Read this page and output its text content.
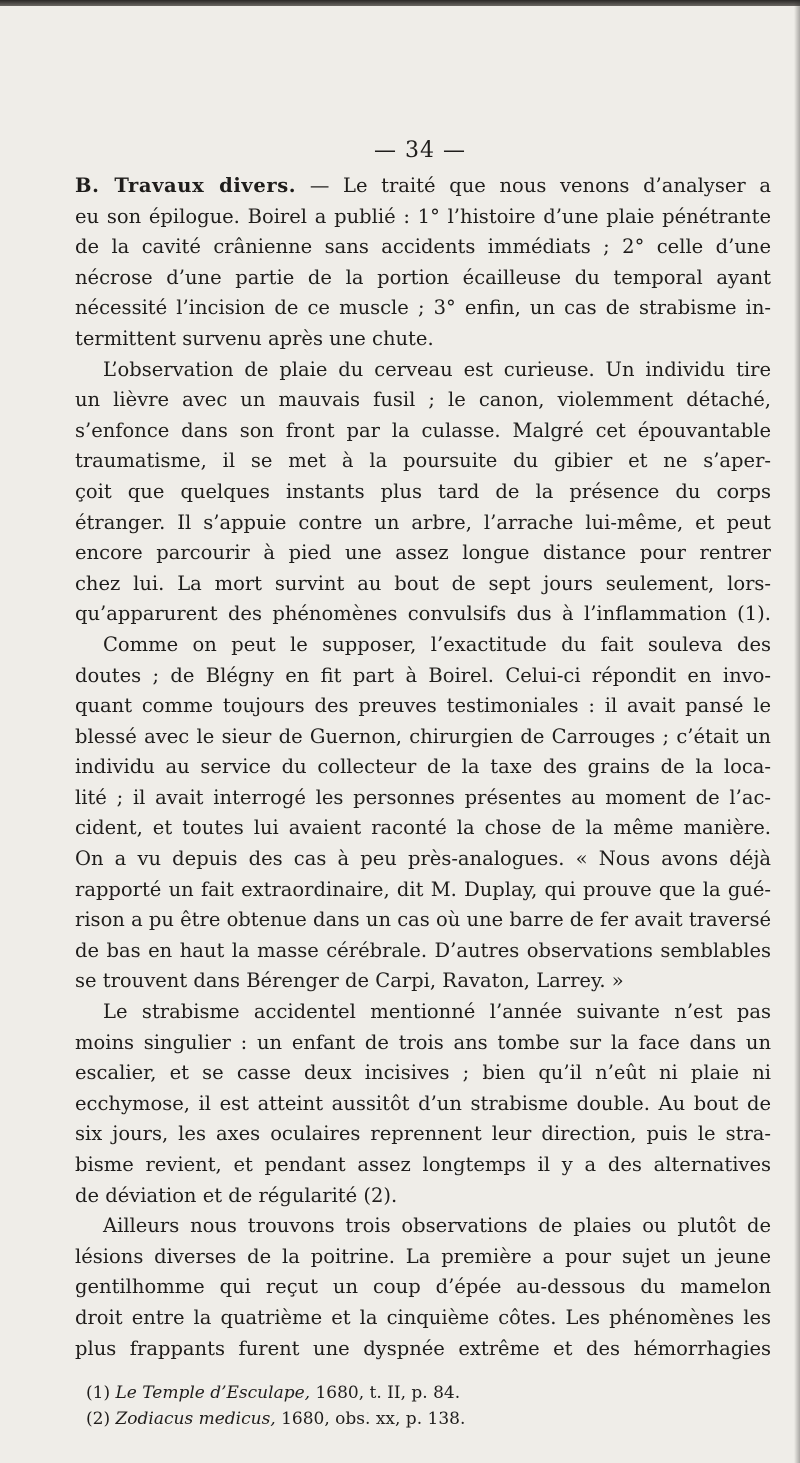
— 34 —
B. Travaux divers. — Le traité que nous venons d’analyser a
eu son épilogue. Boirel a publié : 1° l’histoire d’une plaie pénétrante
de la cavité crânienne sans accidents immédiats ; 2° celle d’une
nécrose d’une partie de la portion écailleuse du temporal ayant
nécessité l’incision de ce muscle ; 3° enfin, un cas de strabisme in-
termittent survenu après une chute.
L’observation de plaie du cerveau est curieuse. Un individu tire
un lièvre avec un mauvais fusil ; le canon, violemment détaché,
s’enfonce dans son front par la culasse. Malgré cet épouvantable
traumatisme, il se met à la poursuite du gibier et ne s’aper-
çoit que quelques instants plus tard de la présence du corps
étranger. Il s’appuie contre un arbre, l’arrache lui-même, et peut
encore parcourir à pied une assez longue distance pour rentrer
chez lui. La mort survint au bout de sept jours seulement, lors-
qu’apparurent des phénomènes convulsifs dus à l’inflammation (1).
Comme on peut le supposer, l’exactitude du fait souleva des
doutes ; de Blégny en fit part à Boirel. Celui-ci répondit en invo-
quant comme toujours des preuves testimoniales : il avait pansé le
blessé avec le sieur de Guernon, chirurgien de Carrouges ; c’était un
individu au service du collecteur de la taxe des grains de la loca-
lité ; il avait interrogé les personnes présentes au moment de l’ac-
cident, et toutes lui avaient raconté la chose de la même manière.
On a vu depuis des cas à peu près-analogues. « Nous avons déjà
rapporté un fait extraordinaire, dit M. Duplay, qui prouve que la gué-
rison a pu être obtenue dans un cas où une barre de fer avait traversé
de bas en haut la masse cérébrale. D’autres observations semblables
se trouvent dans Bérenger de Carpi, Ravaton, Larrey. »
Le strabisme accidentel mentionné l’année suivante n’est pas
moins singulier : un enfant de trois ans tombe sur la face dans un
escalier, et se casse deux incisives ; bien qu’il n’eût ni plaie ni
ecchymose, il est atteint aussitôt d’un strabisme double. Au bout de
six jours, les axes oculaires reprennent leur direction, puis le stra-
bisme revient, et pendant assez longtemps il y a des alternatives
de déviation et de régularité (2).
Ailleurs nous trouvons trois observations de plaies ou plutôt de
lésions diverses de la poitrine. La première a pour sujet un jeune
gentilhomme qui reçut un coup d’épée au-dessous du mamelon
droit entre la quatrième et la cinquième côtes. Les phénomènes les
plus frappants furent une dyspnée extrême et des hémorrhagies
(1) Le Temple d’Esculape, 1680, t. II, p. 84.
(2) Zodiacus medicus, 1680, obs. xx, p. 138.
